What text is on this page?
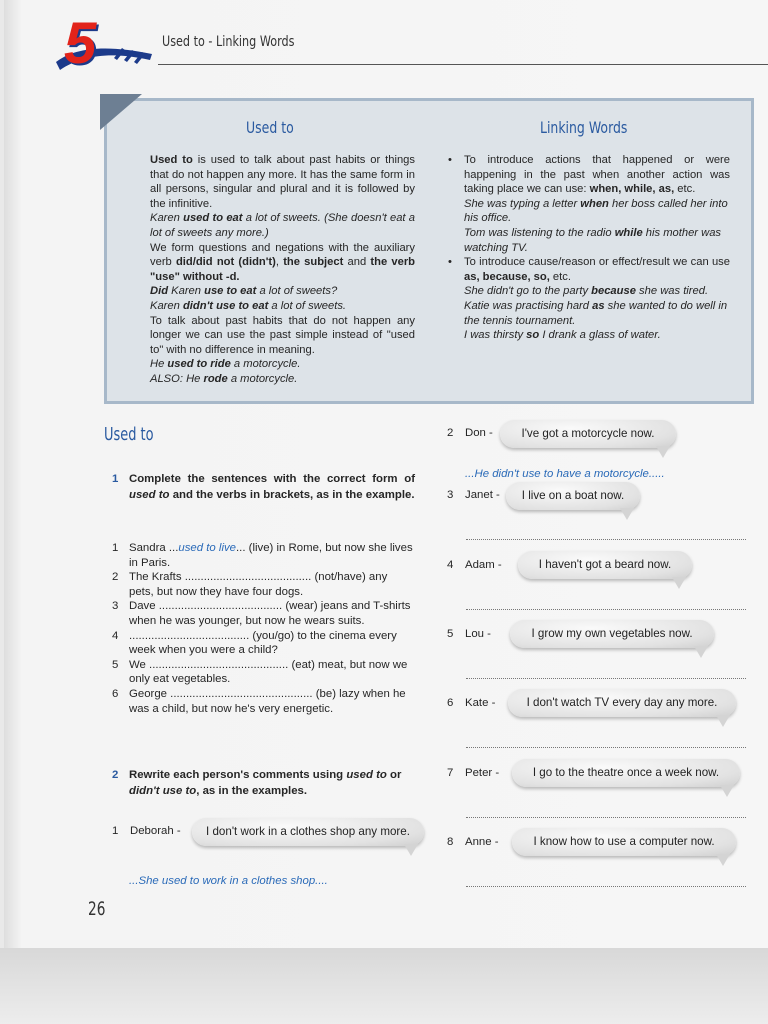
5	Used to - Linking Words
Used to	Linking Words

Used to is used to talk about past habits or things that do not happen any more. It has the same form in all persons, singular and plural and it is followed by the infinitive.

Karen used to eat a lot of sweets. (She doesn't eat a lot of sweets any more.)

We form questions and negations with the auxiliary verb did/did not (didn't), the subject and the verb "use" without -d.

Did Karen use to eat a lot of sweets?

Karen didn't use to eat a lot of sweets.

To talk about past habits that do not happen any longer we can use the past simple instead of "used to" with no difference in meaning.

He used to ride a motorcycle.

ALSO: He rode a motorcycle.

• To introduce actions that happened or were happening in the past when another action was taking place we can use: when, while, as, etc.

She was typing a letter when her boss called her into his office.

Tom was listening to the radio while his mother was watching TV.

• To introduce cause/reason or effect/result we can use as, because, so, etc.

She didn't go to the party because she was tired.

Katie was practising hard as she wanted to do well in the tennis tournament.

I was thirsty so I drank a glass of water.

Used to
1 Complete the sentences with the correct form of used to and the verbs in brackets, as in the example.
1 Sandra ...used to live... (live) in Rome, but now she lives in Paris.
2 The Krafts ........................................ (not/have) any pets, but now they have four dogs.
3 Dave ....................................... (wear) jeans and T-shirts when he was younger, but now he wears suits.
4 ...................................... (you/go) to the cinema every week when you were a child?
5 We ............................................ (eat) meat, but now we only eat vegetables.
6 George ............................................. (be) lazy when he was a child, but now he's very energetic.
2 Rewrite each person's comments using used to or didn't use to, as in the examples.
1 Deborah -	I don't work in a clothes shop any more.
...She used to work in a clothes shop....
2 Don -	I've got a motorcycle now.
...He didn't use to have a motorcycle.....
3 Janet -	I live on a boat now.
4 Adam -	I haven't got a beard now.
5 Lou -	I grow my own vegetables now.
6 Kate -	I don't watch TV every day any more.
7 Peter -	I go to the theatre once a week now.
8 Anne -	I know how to use a computer now.
26
